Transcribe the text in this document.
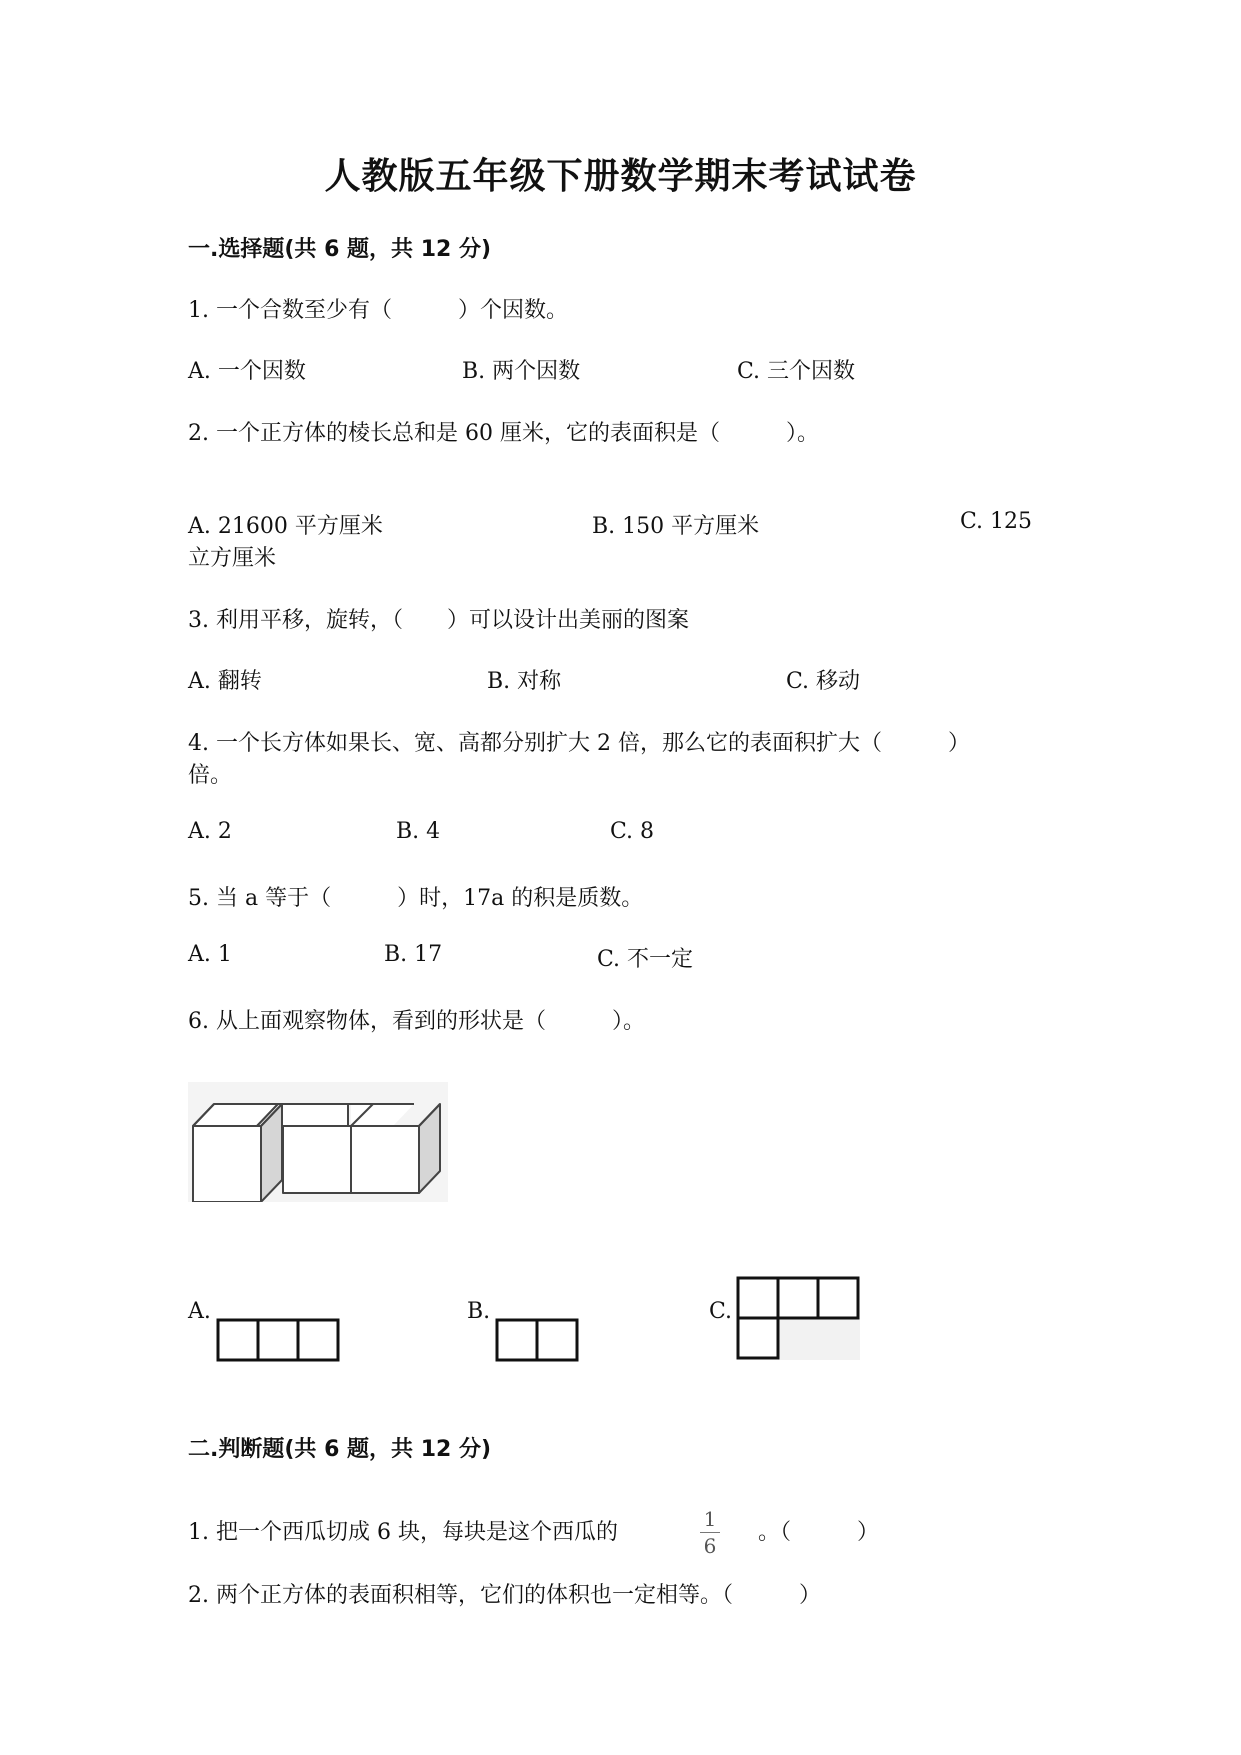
人教版五年级下册数学期末考试试卷
一.选择题(共 6 题，共 12 分)
1. 一个合数至少有（　　　）个因数。
A. 一个因数	B. 两个因数	C. 三个因数
2. 一个正方体的棱长总和是 60 厘米，它的表面积是（　　　）。
A. 21600 平方厘米	B. 150 平方厘米	C. 125
立方厘米
3. 利用平移，旋转，（　　）可以设计出美丽的图案
A. 翻转	B. 对称	C. 移动
4. 一个长方体如果长、宽、高都分别扩大 2 倍，那么它的表面积扩大（　　　）
倍。
A. 2	B. 4	C. 8
5. 当 a 等于（　　　）时，17a 的积是质数。
A. 1	B. 17	C. 不一定
6. 从上面观察物体，看到的形状是（　　　）。
A.	B.	C.
二.判断题(共 6 题，共 12 分)
1. 把一个西瓜切成 6 块，每块是这个西瓜的
1
6
。（　　　）
2. 两个正方体的表面积相等，它们的体积也一定相等。（　　　）
